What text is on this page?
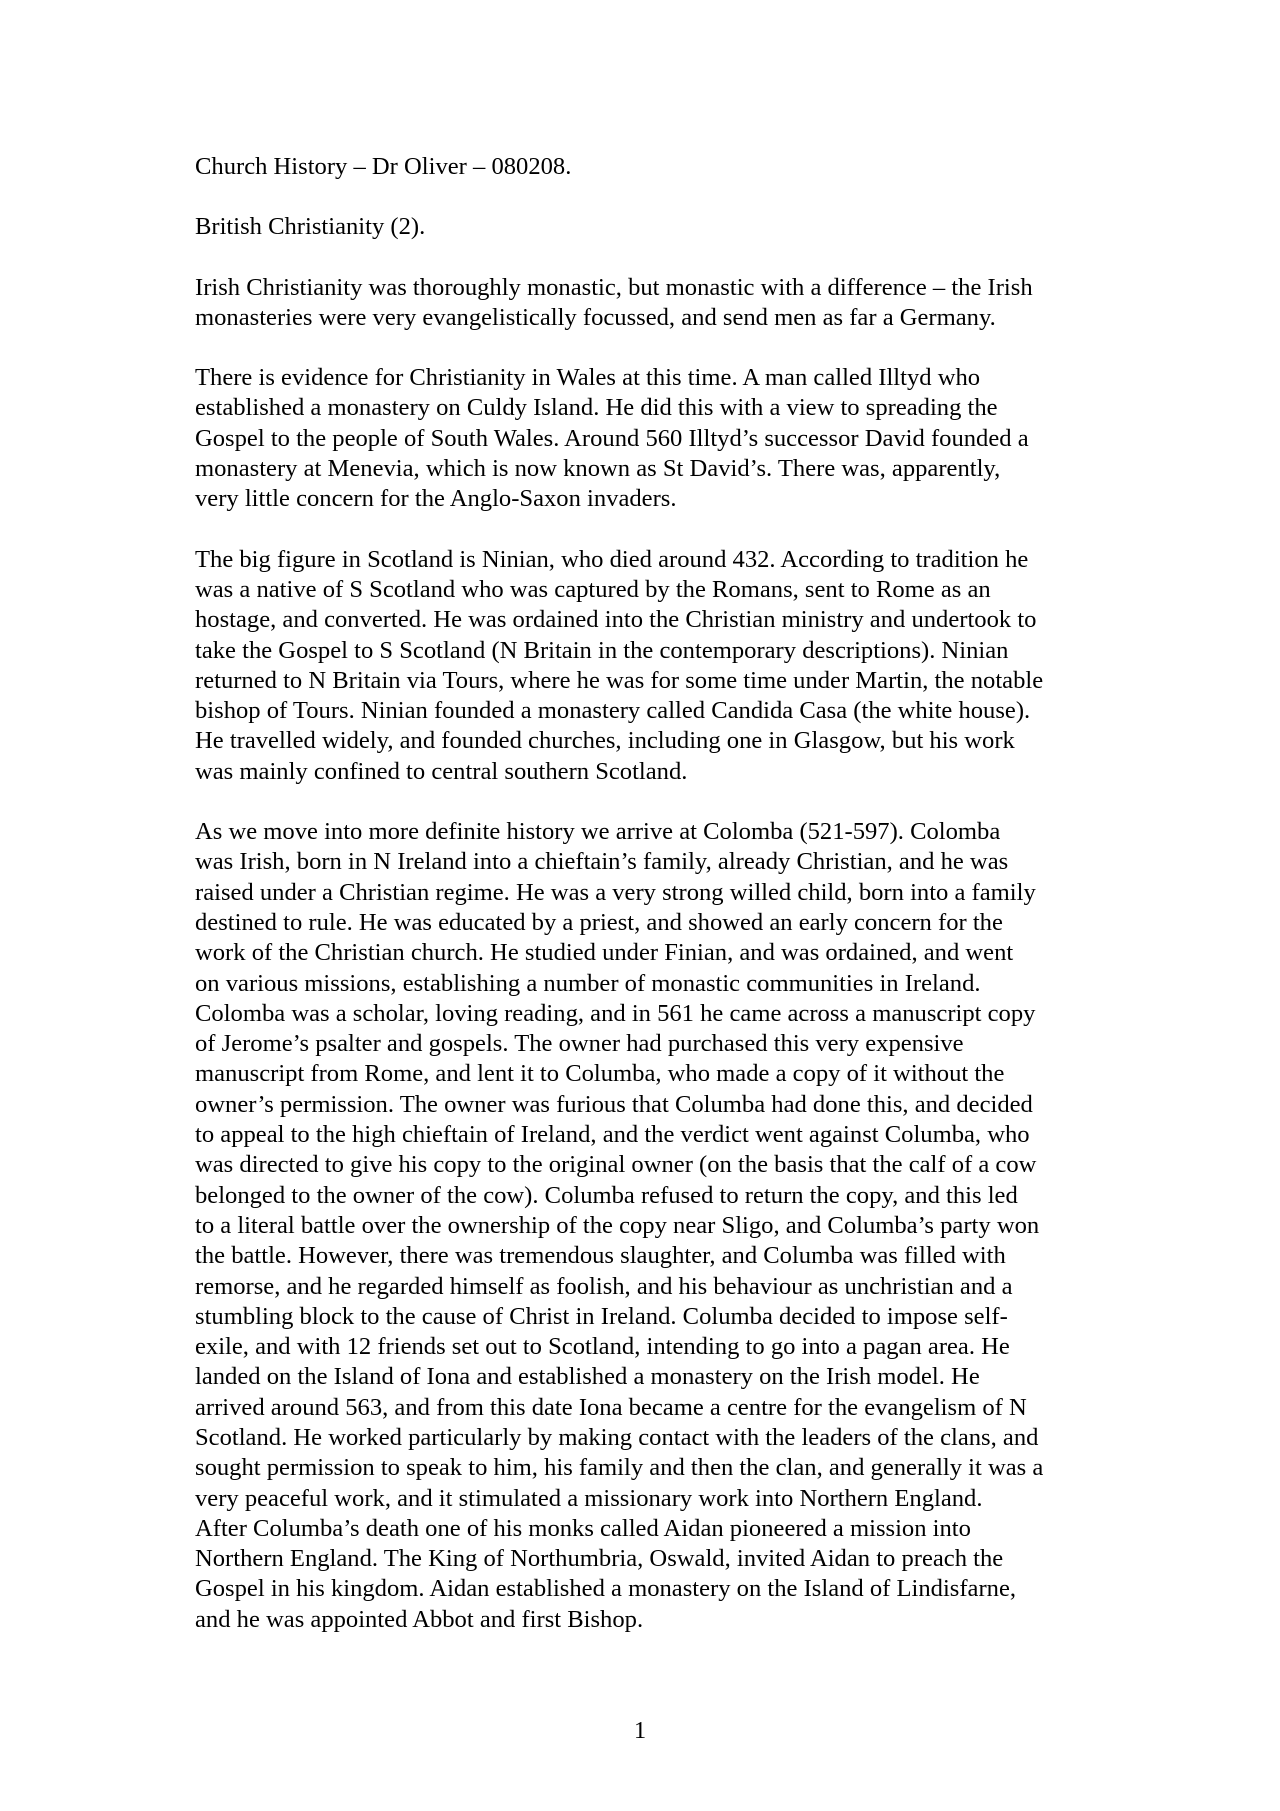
Church History – Dr Oliver – 080208.
British Christianity (2).
Irish Christianity was thoroughly monastic, but monastic with a difference – the Irish
monasteries were very evangelistically focussed, and send men as far a Germany.
There is evidence for Christianity in Wales at this time. A man called Illtyd who
established a monastery on Culdy Island. He did this with a view to spreading the
Gospel to the people of South Wales. Around 560 Illtyd’s successor David founded a
monastery at Menevia, which is now known as St David’s. There was, apparently,
very little concern for the Anglo-Saxon invaders.
The big figure in Scotland is Ninian, who died around 432. According to tradition he
was a native of S Scotland who was captured by the Romans, sent to Rome as an
hostage, and converted. He was ordained into the Christian ministry and undertook to
take the Gospel to S Scotland (N Britain in the contemporary descriptions). Ninian
returned to N Britain via Tours, where he was for some time under Martin, the notable
bishop of Tours. Ninian founded a monastery called Candida Casa (the white house).
He travelled widely, and founded churches, including one in Glasgow, but his work
was mainly confined to central southern Scotland.
As we move into more definite history we arrive at Colomba (521-597). Colomba
was Irish, born in N Ireland into a chieftain’s family, already Christian, and he was
raised under a Christian regime. He was a very strong willed child, born into a family
destined to rule. He was educated by a priest, and showed an early concern for the
work of the Christian church. He studied under Finian, and was ordained, and went
on various missions, establishing a number of monastic communities in Ireland.
Colomba was a scholar, loving reading, and in 561 he came across a manuscript copy
of Jerome’s psalter and gospels. The owner had purchased this very expensive
manuscript from Rome, and lent it to Columba, who made a copy of it without the
owner’s permission. The owner was furious that Columba had done this, and decided
to appeal to the high chieftain of Ireland, and the verdict went against Columba, who
was directed to give his copy to the original owner (on the basis that the calf of a cow
belonged to the owner of the cow). Columba refused to return the copy, and this led
to a literal battle over the ownership of the copy near Sligo, and Columba’s party won
the battle. However, there was tremendous slaughter, and Columba was filled with
remorse, and he regarded himself as foolish, and his behaviour as unchristian and a
stumbling block to the cause of Christ in Ireland. Columba decided to impose self-
exile, and with 12 friends set out to Scotland, intending to go into a pagan area. He
landed on the Island of Iona and established a monastery on the Irish model. He
arrived around 563, and from this date Iona became a centre for the evangelism of N
Scotland. He worked particularly by making contact with the leaders of the clans, and
sought permission to speak to him, his family and then the clan, and generally it was a
very peaceful work, and it stimulated a missionary work into Northern England.
After Columba’s death one of his monks called Aidan pioneered a mission into
Northern England. The King of Northumbria, Oswald, invited Aidan to preach the
Gospel in his kingdom. Aidan established a monastery on the Island of Lindisfarne,
and he was appointed Abbot and first Bishop.
1
